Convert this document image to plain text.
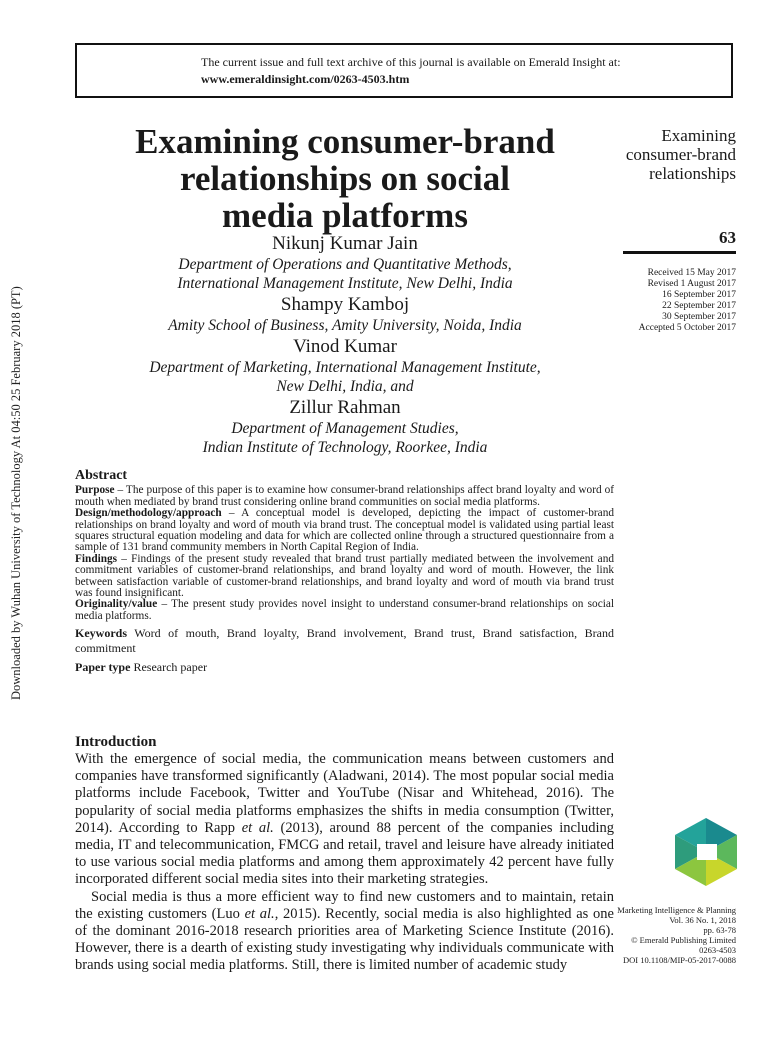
Downloaded by Wuhan University of Technology At 04:50 25 February 2018 (PT)
The current issue and full text archive of this journal is available on Emerald Insight at:
www.emeraldinsight.com/0263-4503.htm
Examining consumer-brand
relationships on social
media platforms
Nikunj Kumar Jain
Department of Operations and Quantitative Methods,
International Management Institute, New Delhi, India
Shampy Kamboj
Amity School of Business, Amity University, Noida, India
Vinod Kumar
Department of Marketing, International Management Institute,
New Delhi, India, and
Zillur Rahman
Department of Management Studies,
Indian Institute of Technology, Roorkee, India
Examining
consumer-brand
relationships
63
Received 15 May 2017
Revised 1 August 2017
16 September 2017
22 September 2017
30 September 2017
Accepted 5 October 2017
Abstract

Purpose – The purpose of this paper is to examine how consumer-brand relationships affect brand loyalty and word of mouth when mediated by brand trust considering online brand communities on social media platforms.

Design/methodology/approach – A conceptual model is developed, depicting the impact of customer-brand relationships on brand loyalty and word of mouth via brand trust. The conceptual model is validated using partial least squares structural equation modeling and data for which are collected online through a structured questionnaire from a sample of 131 brand community members in North Capital Region of India.

Findings – Findings of the present study revealed that brand trust partially mediated between the involvement and commitment variables of customer-brand relationships, and brand loyalty and word of mouth. However, the link between satisfaction variable of customer-brand relationships, and brand loyalty and word of mouth via brand trust was found insignificant.

Originality/value – The present study provides novel insight to understand consumer-brand relationships on social media platforms.

Keywords Word of mouth, Brand loyalty, Brand involvement, Brand trust, Brand satisfaction, Brand commitment

Paper type Research paper

Introduction

With the emergence of social media, the communication means between customers and companies have transformed significantly (Aladwani, 2014). The most popular social media platforms include Facebook, Twitter and YouTube (Nisar and Whitehead, 2016). The popularity of social media platforms emphasizes the shifts in media consumption (Twitter, 2014). According to Rapp et al. (2013), around 88 percent of the companies including media, IT and telecommunication, FMCG and retail, travel and leisure have already initiated to use various social media platforms and among them approximately 42 percent have fully incorporated different social media sites into their marketing strategies.

Social media is thus a more efficient way to find new customers and to maintain, retain the existing customers (Luo et al., 2015). Recently, social media is also highlighted as one of the dominant 2016-2018 research priorities area of Marketing Science Institute (2016). However, there is a dearth of existing study investigating why individuals communicate with brands using social media platforms. Still, there is limited number of academic study

Marketing Intelligence & Planning
Vol. 36 No. 1, 2018
pp. 63-78
© Emerald Publishing Limited
0263-4503
DOI 10.1108/MIP-05-2017-0088
